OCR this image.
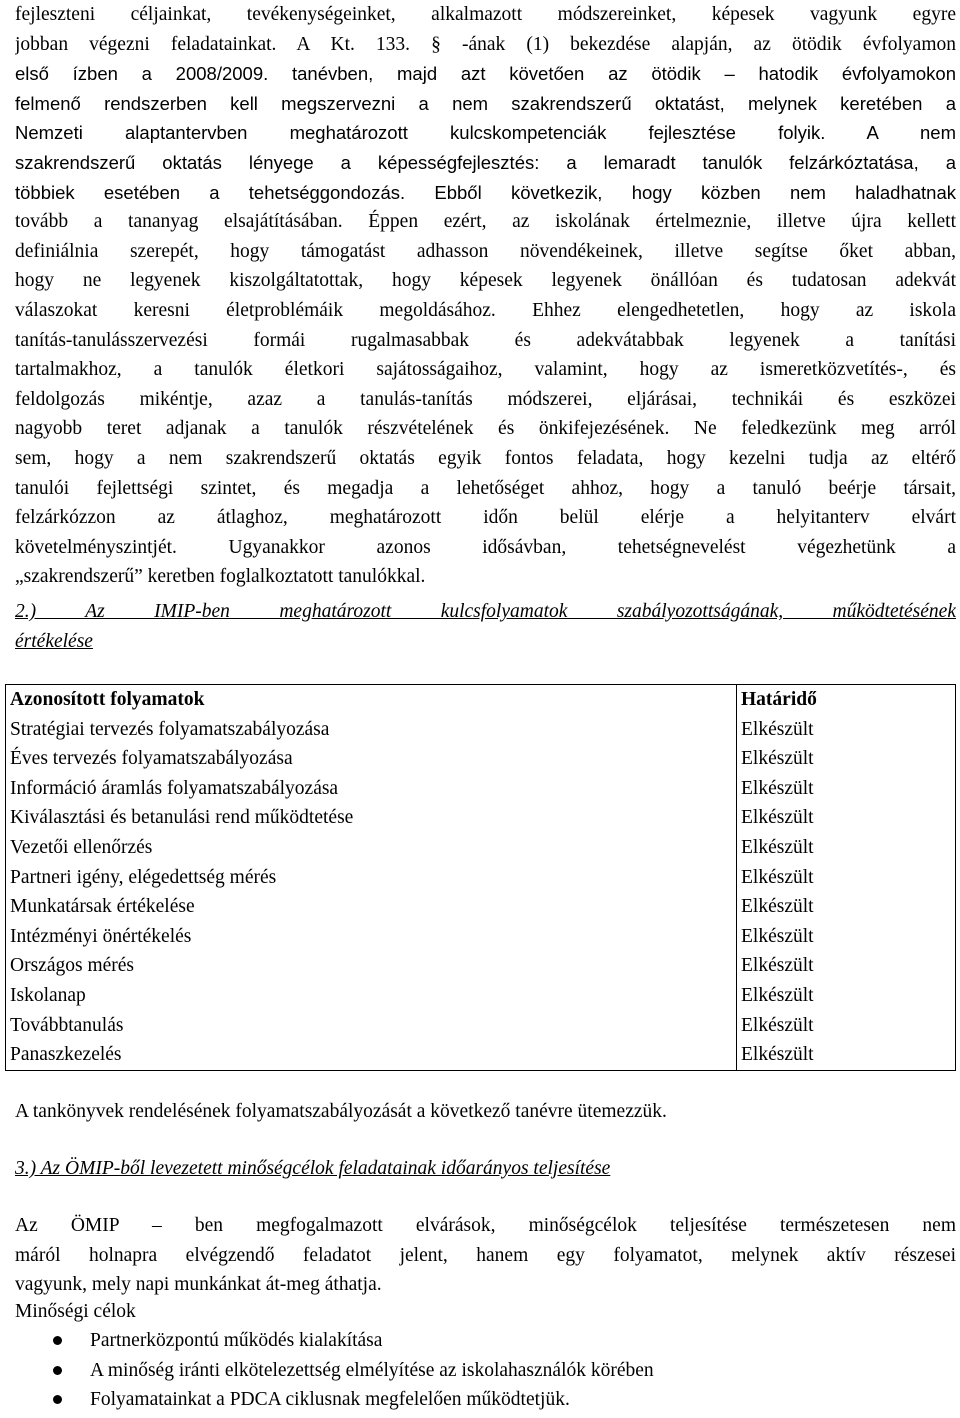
fejleszteni céljainkat, tevékenységeinket, alkalmazott módszereinket, képesek vagyunk egyre
jobban végezni feladatainkat. A Kt. 133. § -ának (1) bekezdése alapján, az ötödik évfolyamon
első ízben a 2008/2009. tanévben, majd azt követően az ötödik – hatodik évfolyamokon
felmenő rendszerben kell megszervezni a nem szakrendszerű oktatást, melynek keretében a
Nemzeti alaptantervben meghatározott kulcskompetenciák fejlesztése folyik. A nem
szakrendszerű oktatás lényege a képességfejlesztés: a lemaradt tanulók felzárkóztatása, a
többiek esetében a tehetséggondozás. Ebből következik, hogy közben nem haladhatnak
tovább a tananyag elsajátításában. Éppen ezért, az iskolának értelmeznie, illetve újra kellett
definiálnia szerepét, hogy támogatást adhasson növendékeinek, illetve segítse őket abban,
hogy ne legyenek kiszolgáltatottak, hogy képesek legyenek önállóan és tudatosan adekvát
válaszokat keresni életproblémáik megoldásához. Ehhez elengedhetetlen, hogy az iskola
tanítás-tanulásszervezési formái rugalmasabbak és adekvátabbak legyenek a tanítási
tartalmakhoz, a tanulók életkori sajátosságaihoz, valamint, hogy az ismeretközvetítés-, és
feldolgozás mikéntje, azaz a tanulás-tanítás módszerei, eljárásai, technikái és eszközei
nagyobb teret adjanak a tanulók részvételének és önkifejezésének. Ne feledkezünk meg arról
sem, hogy a nem szakrendszerű oktatás egyik fontos feladata, hogy kezelni tudja az eltérő
tanulói fejlettségi szintet, és megadja a lehetőséget ahhoz, hogy a tanuló beérje társait,
felzárkózzon az átlaghoz, meghatározott időn belül elérje a helyitanterv elvárt
követelményszintjét. Ugyanakkor azonos idősávban, tehetségnevelést végezhetünk a
„szakrendszerű” keretben foglalkoztatott tanulókkal.

2.) Az IMIP-ben meghatározott kulcsfolyamatok szabályozottságának, működtetésének
értékelése

Azonosított folyamatok	Határidő
Stratégiai tervezés folyamatszabályozása	Elkészült
Éves tervezés folyamatszabályozása	Elkészült
Információ áramlás folyamatszabályozása	Elkészült
Kiválasztási és betanulási rend működtetése	Elkészült
Vezetői ellenőrzés	Elkészült
Partneri igény, elégedettség mérés	Elkészült
Munkatársak értékelése	Elkészült
Intézményi önértékelés	Elkészült
Országos mérés	Elkészült
Iskolanap	Elkészült
Továbbtanulás	Elkészült
Panaszkezelés	Elkészült

A tankönyvek rendelésének folyamatszabályozását a következő tanévre ütemezzük.

3.) Az ÖMIP-ből levezetett minőségcélok feladatainak időarányos teljesítése

Az ÖMIP – ben megfogalmazott elvárások, minőségcélok teljesítése természetesen nem
máról holnapra elvégzendő feladatot jelent, hanem egy folyamatot, melynek aktív részesei
vagyunk, mely napi munkánkat át-meg áthatja.

Minőségi célok

Partnerközpontú működés kialakítása
A minőség iránti elkötelezettség elmélyítése az iskolahasználók körében
Folyamatainkat a PDCA ciklusnak megfelelően működtetjük.
